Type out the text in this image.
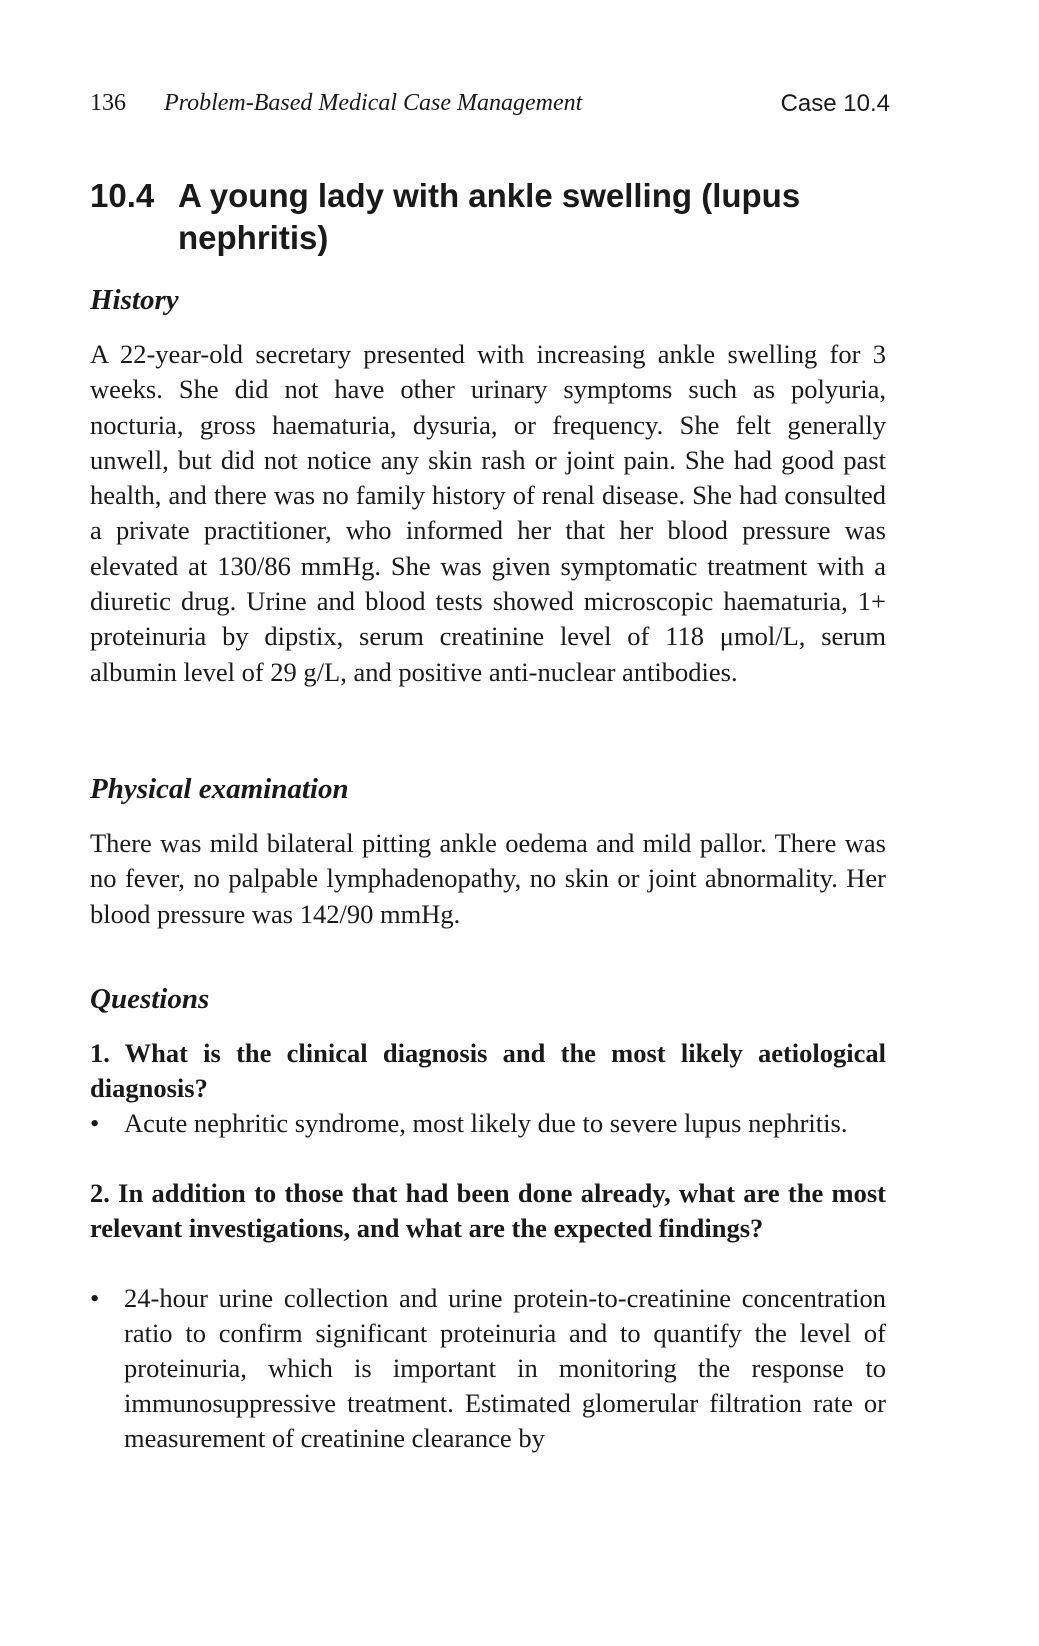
136 Problem-Based Medical Case Management	Case 10.4
10.4 A young lady with ankle swelling (lupus nephritis)
History

A 22-year-old secretary presented with increasing ankle swelling for 3 weeks. She did not have other urinary symptoms such as polyuria, nocturia, gross haematuria, dysuria, or frequency. She felt generally unwell, but did not notice any skin rash or joint pain. She had good past health, and there was no family history of renal disease. She had consulted a private practitioner, who informed her that her blood pressure was elevated at 130/86 mmHg. She was given symptomatic treatment with a diuretic drug. Urine and blood tests showed microscopic haematuria, 1+ proteinuria by dipstix, serum creatinine level of 118 μmol/L, serum albumin level of 29 g/L, and positive anti-nuclear antibodies.

Physical examination

There was mild bilateral pitting ankle oedema and mild pallor. There was no fever, no palpable lymphadenopathy, no skin or joint abnormality. Her blood pressure was 142/90 mmHg.

Questions

1. What is the clinical diagnosis and the most likely aetiological diagnosis?

• Acute nephritic syndrome, most likely due to severe lupus nephritis.

2. In addition to those that had been done already, what are the most relevant investigations, and what are the expected findings?

• 24-hour urine collection and urine protein-to-creatinine concentration ratio to confirm significant proteinuria and to quantify the level of proteinuria, which is important in monitoring the response to immunosuppressive treatment. Estimated glomerular filtration rate or measurement of creatinine clearance by
